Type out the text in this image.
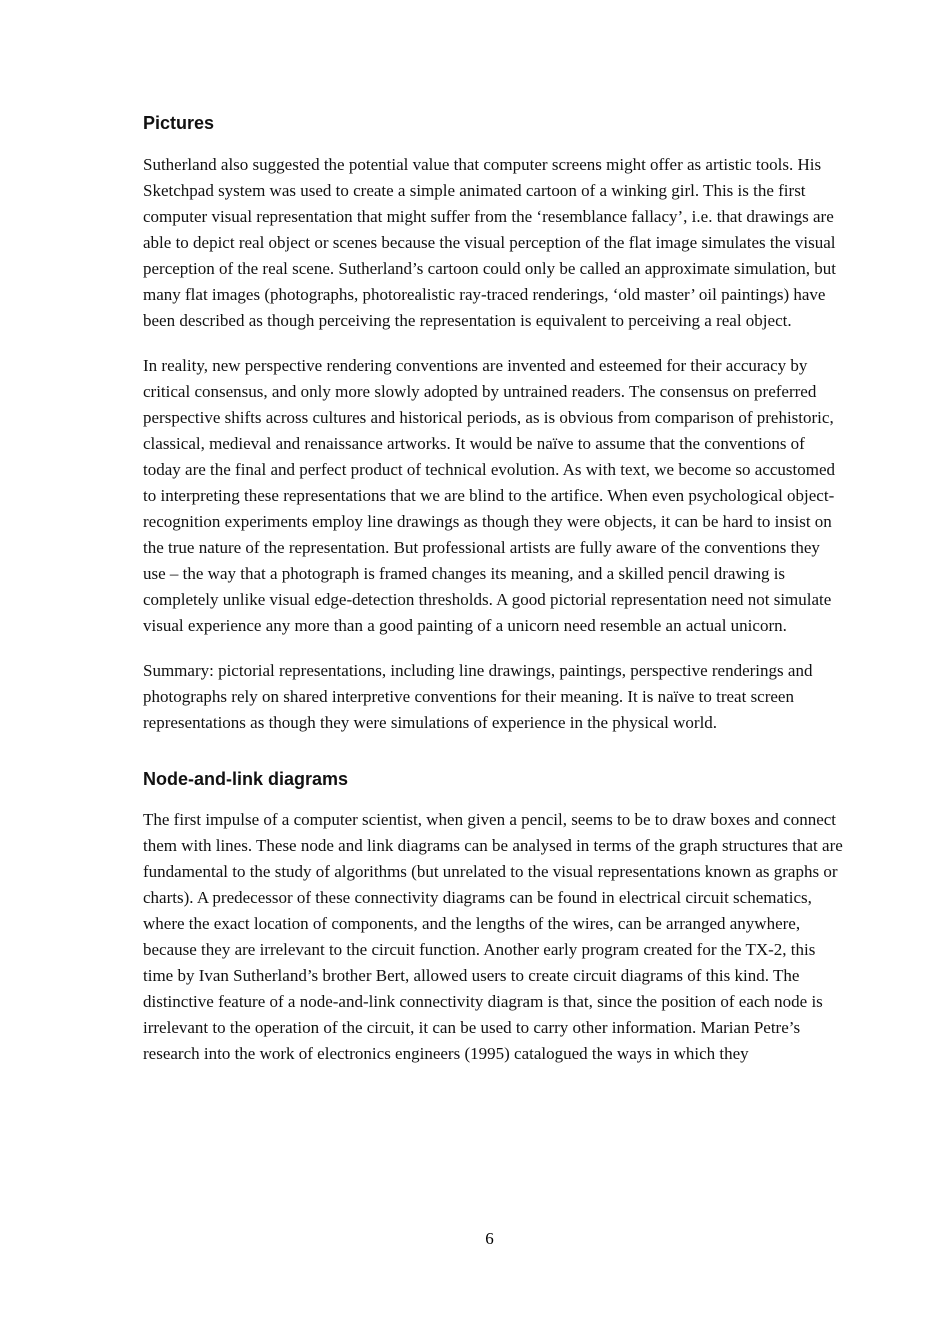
Pictures

Sutherland also suggested the potential value that computer screens might offer as artistic tools. His Sketchpad system was used to create a simple animated cartoon of a winking girl. This is the first computer visual representation that might suffer from the ‘resemblance fallacy’, i.e. that drawings are able to depict real object or scenes because the visual perception of the flat image simulates the visual perception of the real scene. Sutherland’s cartoon could only be called an approximate simulation, but many flat images (photographs, photorealistic ray-traced renderings, ‘old master’ oil paintings) have been described as though perceiving the representation is equivalent to perceiving a real object.

In reality, new perspective rendering conventions are invented and esteemed for their accuracy by critical consensus, and only more slowly adopted by untrained readers. The consensus on preferred perspective shifts across cultures and historical periods, as is obvious from comparison of prehistoric, classical, medieval and renaissance artworks. It would be naïve to assume that the conventions of today are the final and perfect product of technical evolution. As with text, we become so accustomed to interpreting these representations that we are blind to the artifice. When even psychological object-recognition experiments employ line drawings as though they were objects, it can be hard to insist on the true nature of the representation. But professional artists are fully aware of the conventions they use – the way that a photograph is framed changes its meaning, and a skilled pencil drawing is completely unlike visual edge-detection thresholds. A good pictorial representation need not simulate visual experience any more than a good painting of a unicorn need resemble an actual unicorn.

Summary: pictorial representations, including line drawings, paintings, perspective renderings and photographs rely on shared interpretive conventions for their meaning. It is naïve to treat screen representations as though they were simulations of experience in the physical world.

Node-and-link diagrams

The first impulse of a computer scientist, when given a pencil, seems to be to draw boxes and connect them with lines. These node and link diagrams can be analysed in terms of the graph structures that are fundamental to the study of algorithms (but unrelated to the visual representations known as graphs or charts). A predecessor of these connectivity diagrams can be found in electrical circuit schematics, where the exact location of components, and the lengths of the wires, can be arranged anywhere, because they are irrelevant to the circuit function. Another early program created for the TX-2, this time by Ivan Sutherland’s brother Bert, allowed users to create circuit diagrams of this kind. The distinctive feature of a node-and-link connectivity diagram is that, since the position of each node is irrelevant to the operation of the circuit, it can be used to carry other information. Marian Petre’s research into the work of electronics engineers (1995) catalogued the ways in which they

6
